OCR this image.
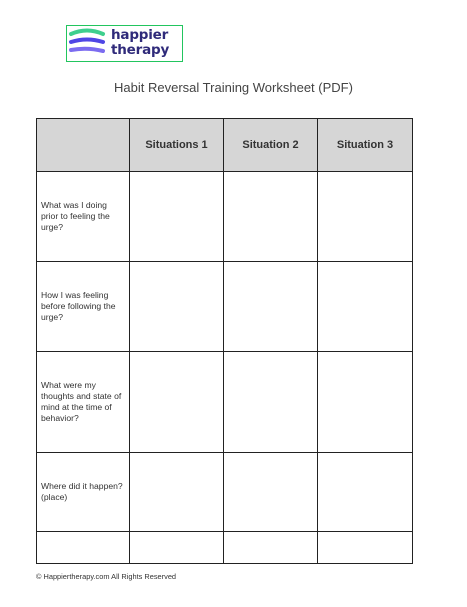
happier
therapy
Habit Reversal Training Worksheet (PDF)
	Situations 1	Situation 2	Situation 3
What was I doing prior to feeling the urge?			
How I was feeling before following the urge?			
What were my thoughts and state of mind at the time of behavior?			
Where did it happen? (place)			

© Happiertherapy.com All Rights Reserved
